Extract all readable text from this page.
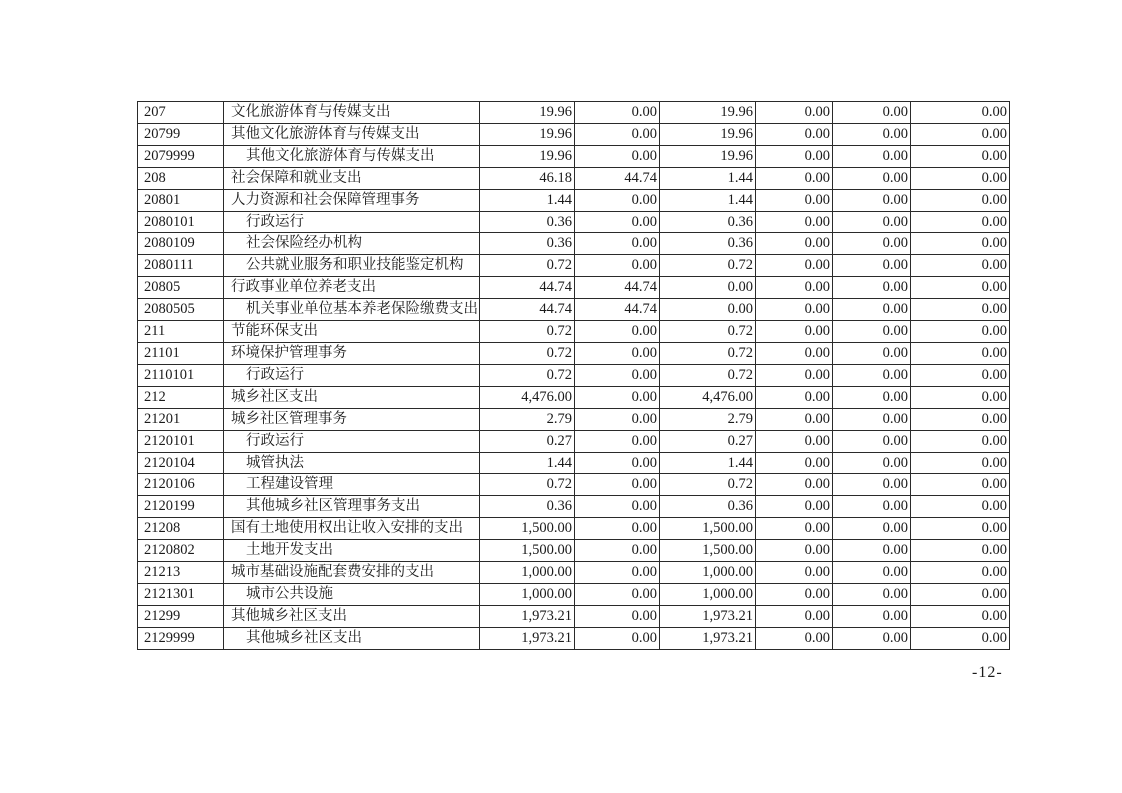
207	文化旅游体育与传媒支出	19.96	0.00	19.96	0.00	0.00	0.00
20799	其他文化旅游体育与传媒支出	19.96	0.00	19.96	0.00	0.00	0.00
2079999	其他文化旅游体育与传媒支出	19.96	0.00	19.96	0.00	0.00	0.00
208	社会保障和就业支出	46.18	44.74	1.44	0.00	0.00	0.00
20801	人力资源和社会保障管理事务	1.44	0.00	1.44	0.00	0.00	0.00
2080101	行政运行	0.36	0.00	0.36	0.00	0.00	0.00
2080109	社会保险经办机构	0.36	0.00	0.36	0.00	0.00	0.00
2080111	公共就业服务和职业技能鉴定机构	0.72	0.00	0.72	0.00	0.00	0.00
20805	行政事业单位养老支出	44.74	44.74	0.00	0.00	0.00	0.00
2080505	机关事业单位基本养老保险缴费支出	44.74	44.74	0.00	0.00	0.00	0.00
211	节能环保支出	0.72	0.00	0.72	0.00	0.00	0.00
21101	环境保护管理事务	0.72	0.00	0.72	0.00	0.00	0.00
2110101	行政运行	0.72	0.00	0.72	0.00	0.00	0.00
212	城乡社区支出	4,476.00	0.00	4,476.00	0.00	0.00	0.00
21201	城乡社区管理事务	2.79	0.00	2.79	0.00	0.00	0.00
2120101	行政运行	0.27	0.00	0.27	0.00	0.00	0.00
2120104	城管执法	1.44	0.00	1.44	0.00	0.00	0.00
2120106	工程建设管理	0.72	0.00	0.72	0.00	0.00	0.00
2120199	其他城乡社区管理事务支出	0.36	0.00	0.36	0.00	0.00	0.00
21208	国有土地使用权出让收入安排的支出	1,500.00	0.00	1,500.00	0.00	0.00	0.00
2120802	土地开发支出	1,500.00	0.00	1,500.00	0.00	0.00	0.00
21213	城市基础设施配套费安排的支出	1,000.00	0.00	1,000.00	0.00	0.00	0.00
2121301	城市公共设施	1,000.00	0.00	1,000.00	0.00	0.00	0.00
21299	其他城乡社区支出	1,973.21	0.00	1,973.21	0.00	0.00	0.00
2129999	其他城乡社区支出	1,973.21	0.00	1,973.21	0.00	0.00	0.00
-12-
